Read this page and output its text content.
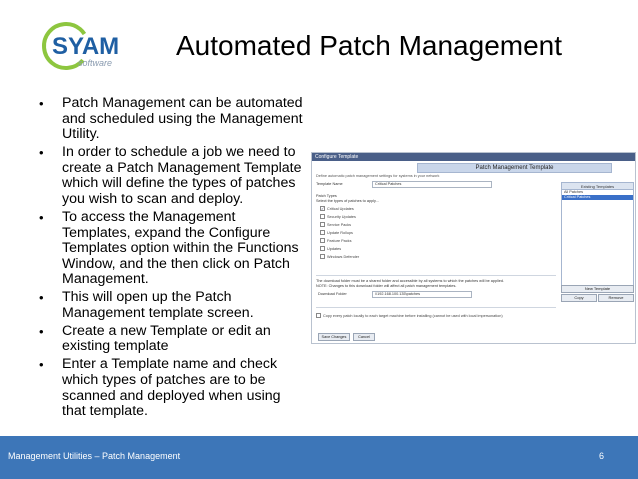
SYAM
software
Automated Patch Management
•	Patch Management can be automated and scheduled using the Management Utility.
•	In order to schedule a job we need to create a Patch Management Template which will define the types of patches you wish to scan and deploy.
•	To access the Management Templates, expand the Configure Templates option within the Functions Window, and the then click on Patch Management.
•	This will open up the Patch Management template screen.
•	Create a new Template or edit an existing template
•	Enter a Template name and check which types of patches are to be scanned and deployed when using that template.
Configure Template
Patch Management Template
Define automatic patch management settings for systems in your network
Template Name	Critical Patches
Patch Types
Select the types of patches to apply...
✓ Critical Updates
Security Updates
Service Packs
Update Rollups
Feature Packs
Updates
Windows Defender
The download folder must be a shared folder and accessible by all systems to which the patches will be applied.
NOTE: Changes to this download folder will affect all patch management templates.
Download Folder	\\192.168.100.135\patches
Copy every patch locally to each target machine before installing (cannot be used with local impersonation)
Save Changes	Cancel
Existing Templates
All Patches
Critical Patches
New Template
Copy	Remove
Management Utilities – Patch Management	6
